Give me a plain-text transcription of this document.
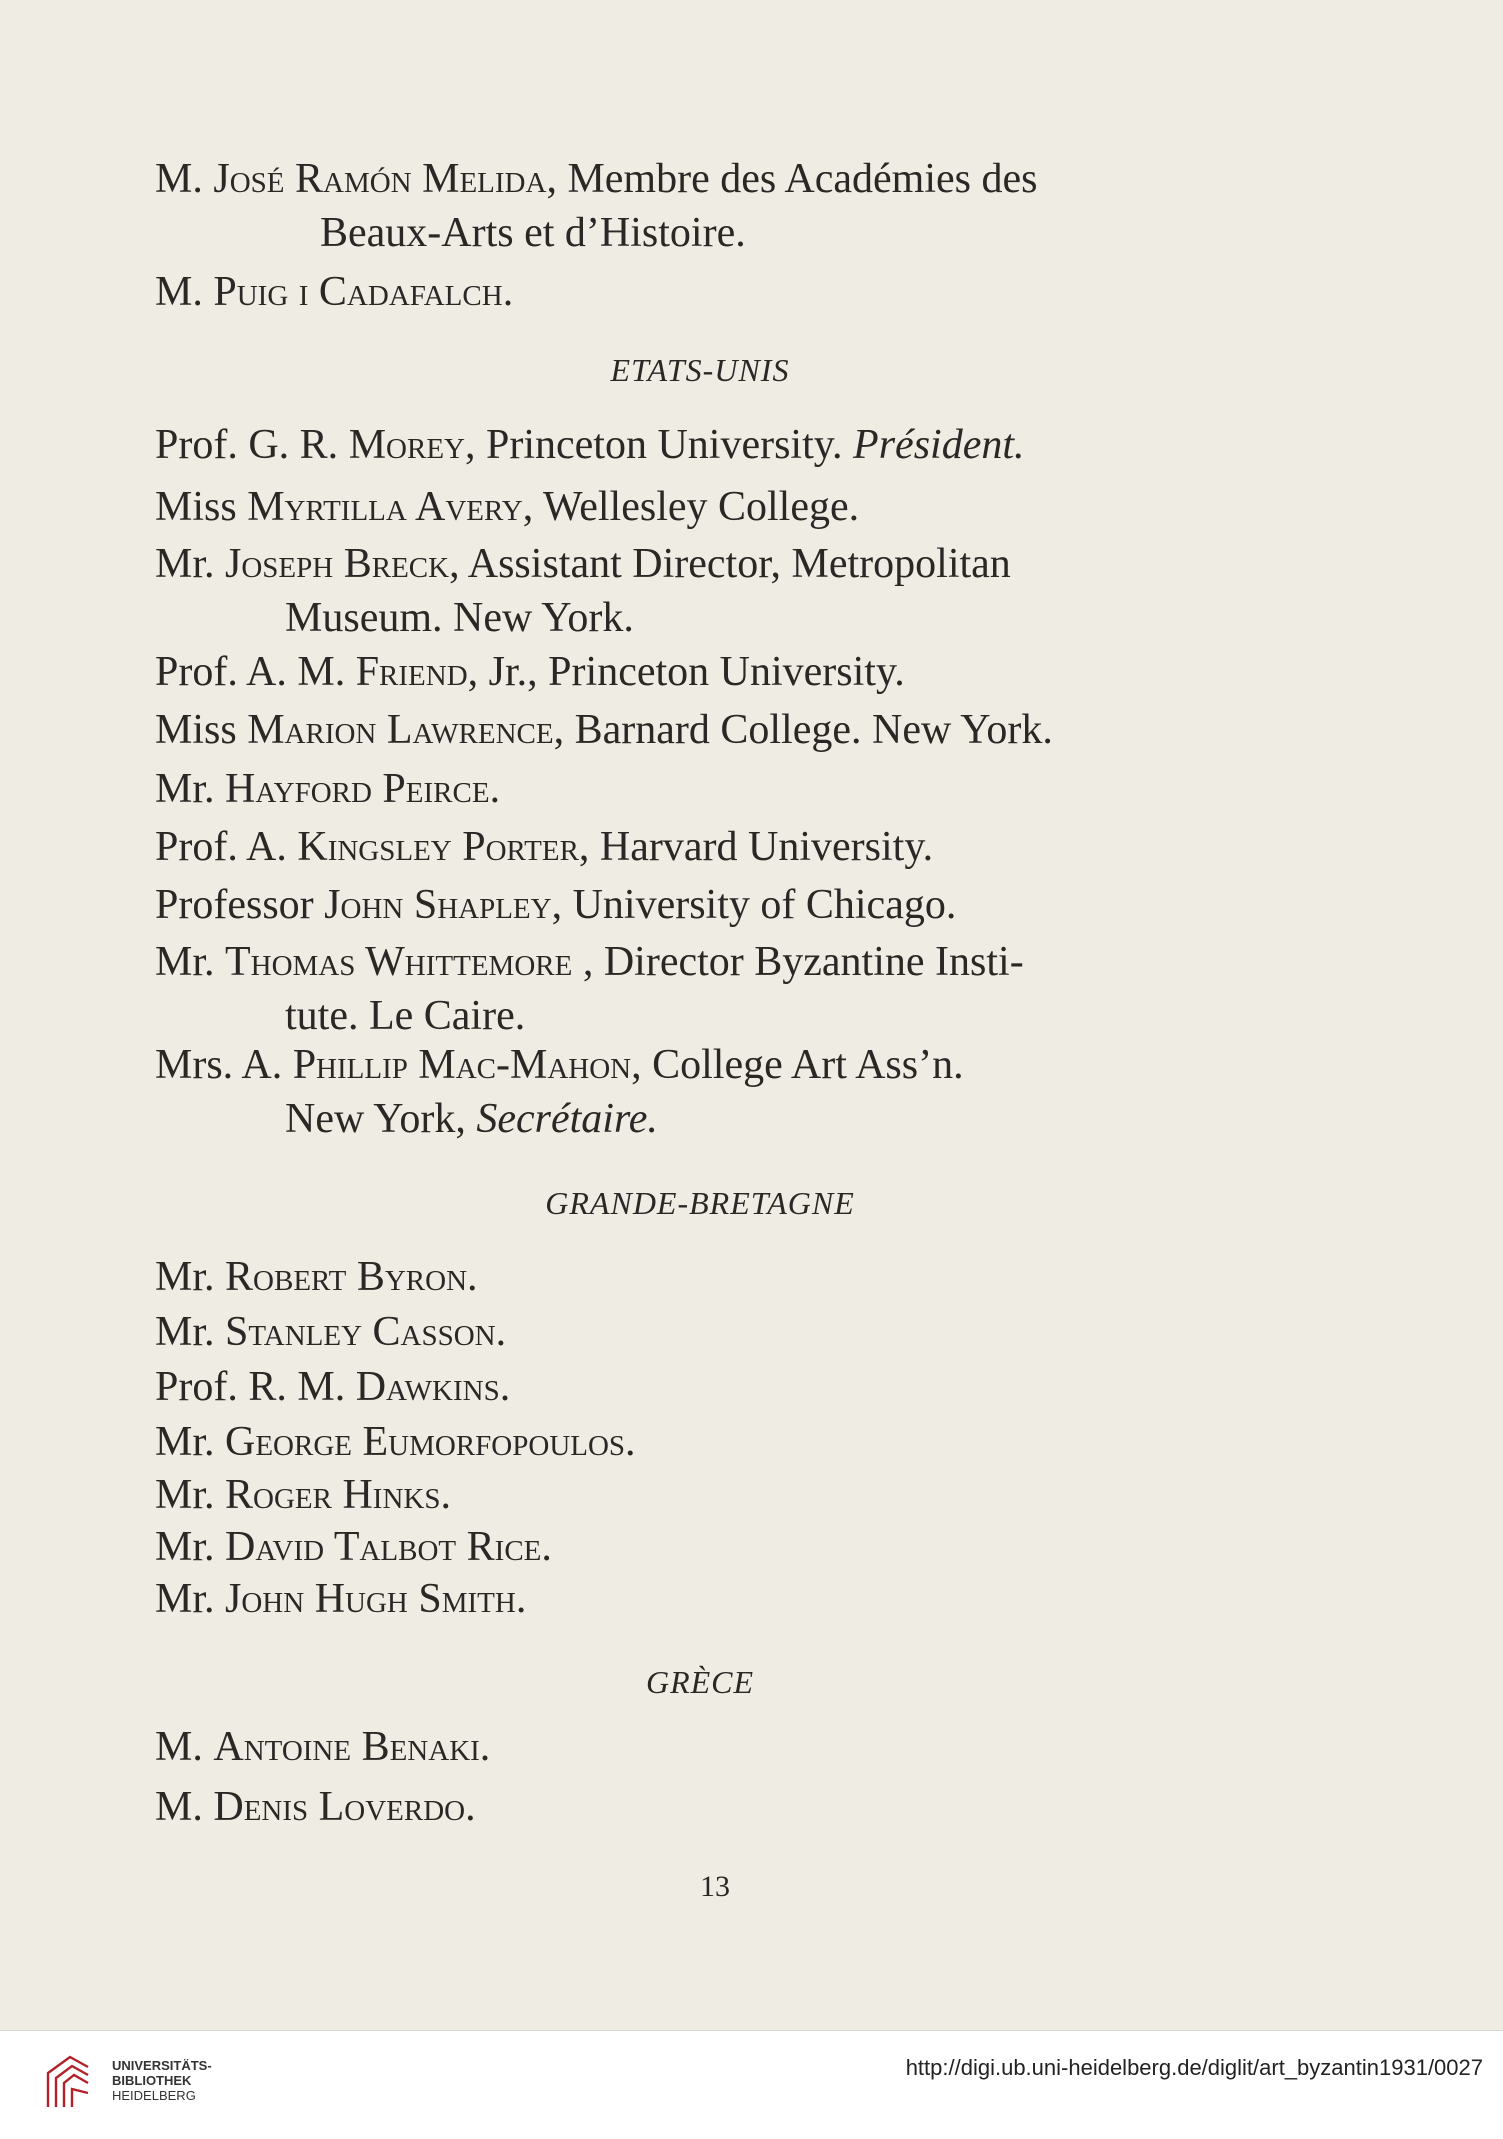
M. José Ramón Melida, Membre des Académies des
Beaux-Arts et d’Histoire.
M. Puig i Cadafalch.
ETATS-UNIS
Prof. G. R. Morey, Princeton University. Président.
Miss Myrtilla Avery, Wellesley College.
Mr. Joseph Breck, Assistant Director, Metropolitan
Museum. New York.
Prof. A. M. Friend, Jr., Princeton University.
Miss Marion Lawrence, Barnard College. New York.
Mr. Hayford Peirce.
Prof. A. Kingsley Porter, Harvard University.
Professor John Shapley, University of Chicago.
Mr. Thomas Whittemore , Director Byzantine Insti-
tute. Le Caire.
Mrs. A. Phillip Mac-Mahon, College Art Ass’n.
New York, Secrétaire.
GRANDE-BRETAGNE
Mr. Robert Byron.
Mr. Stanley Casson.
Prof. R. M. Dawkins.
Mr. George Eumorfopoulos.
Mr. Roger Hinks.
Mr. David Talbot Rice.
Mr. John Hugh Smith.
GRÈCE
M. Antoine Benaki.
M. Denis Loverdo.
13
UNIVERSITÄTS-
BIBLIOTHEK
HEIDELBERG
http://digi.ub.uni-heidelberg.de/diglit/art_byzantin1931/0027
